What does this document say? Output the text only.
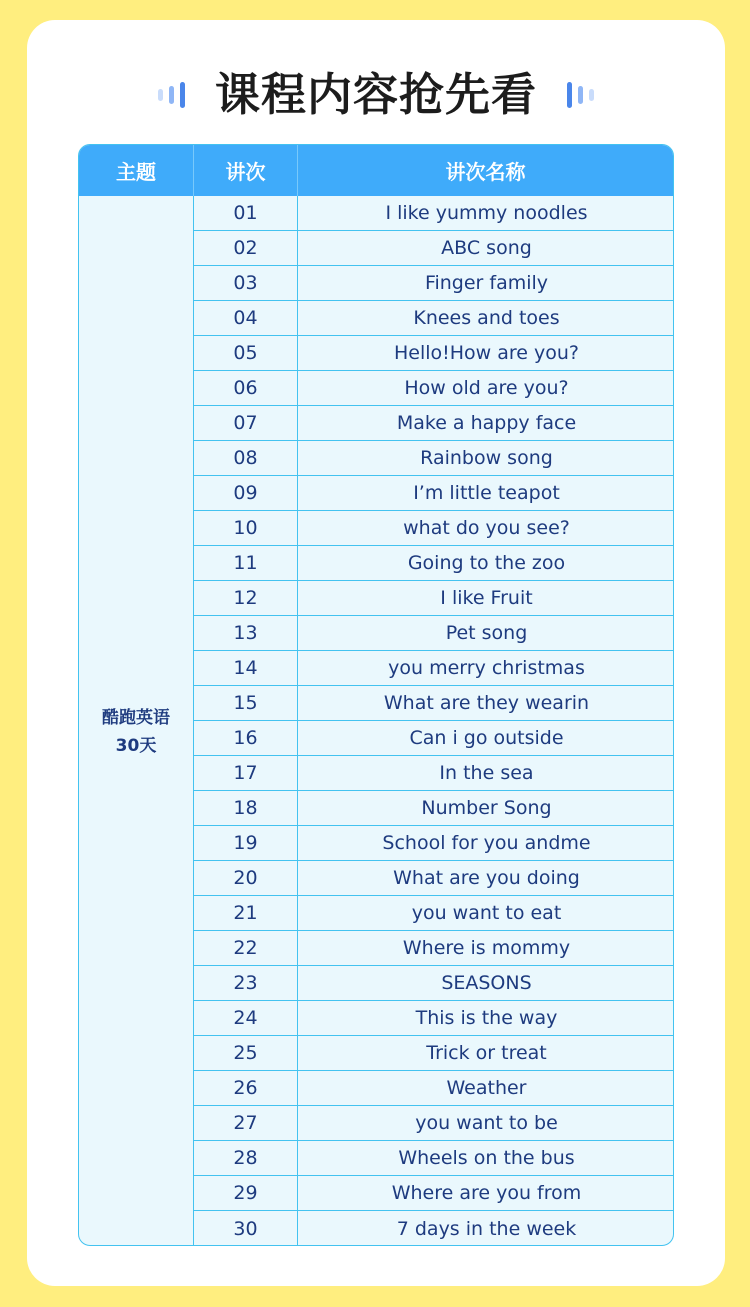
课程内容抢先看
主题	讲次	讲次名称
酷跑英语
30天
01	I like yummy noodles
02	ABC song
03	Finger family
04	Knees and toes
05	Hello!How are you?
06	How old are you?
07	Make a happy face
08	Rainbow song
09	I’m little teapot
10	what do you see?
11	Going to the zoo
12	I like Fruit
13	Pet song
14	you merry christmas
15	What are they wearin
16	Can i go outside
17	In the sea
18	Number Song
19	School for you andme
20	What are you doing
21	you want to eat
22	Where is mommy
23	SEASONS
24	This is the way
25	Trick or treat
26	Weather
27	you want to be
28	Wheels on the bus
29	Where are you from
30	7 days in the week
